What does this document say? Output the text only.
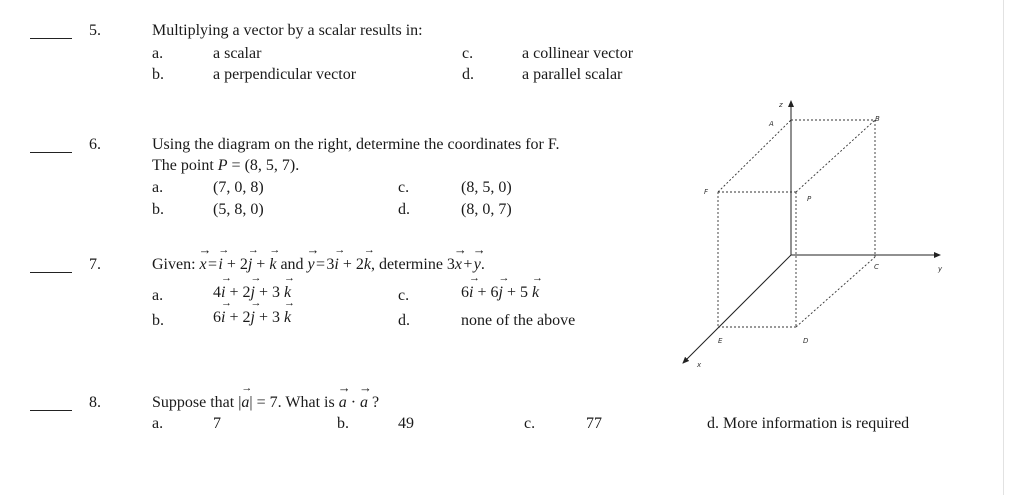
5.	Multiplying a vector by a scalar results in:
a.	a scalar	c.	a collinear vector
b.	a perpendicular vector	d.	a parallel scalar
6.	Using the diagram on the right, determine the coordinates for F.
The point P = (8, 5, 7).
a.	(7, 0, 8)	c.	(8, 5, 0)
b.	(5, 8, 0)	d.	(8, 0, 7)
7.	Given: x → = i → + 2j → + k → and y → = 3i → + 2k →, determine 3x → + y →.
a.	4i → + 2j → + 3 k →	c.	6i → + 6j → + 5 k →
b.	6i → + 2j → + 3 k →	d.	none of the above
8.	Suppose that |a →| = 7. What is a → · a → ?
a.	7	b.	49	c.	77	d. More information is required
z
y
x
A
B
C
D
E
F
P
